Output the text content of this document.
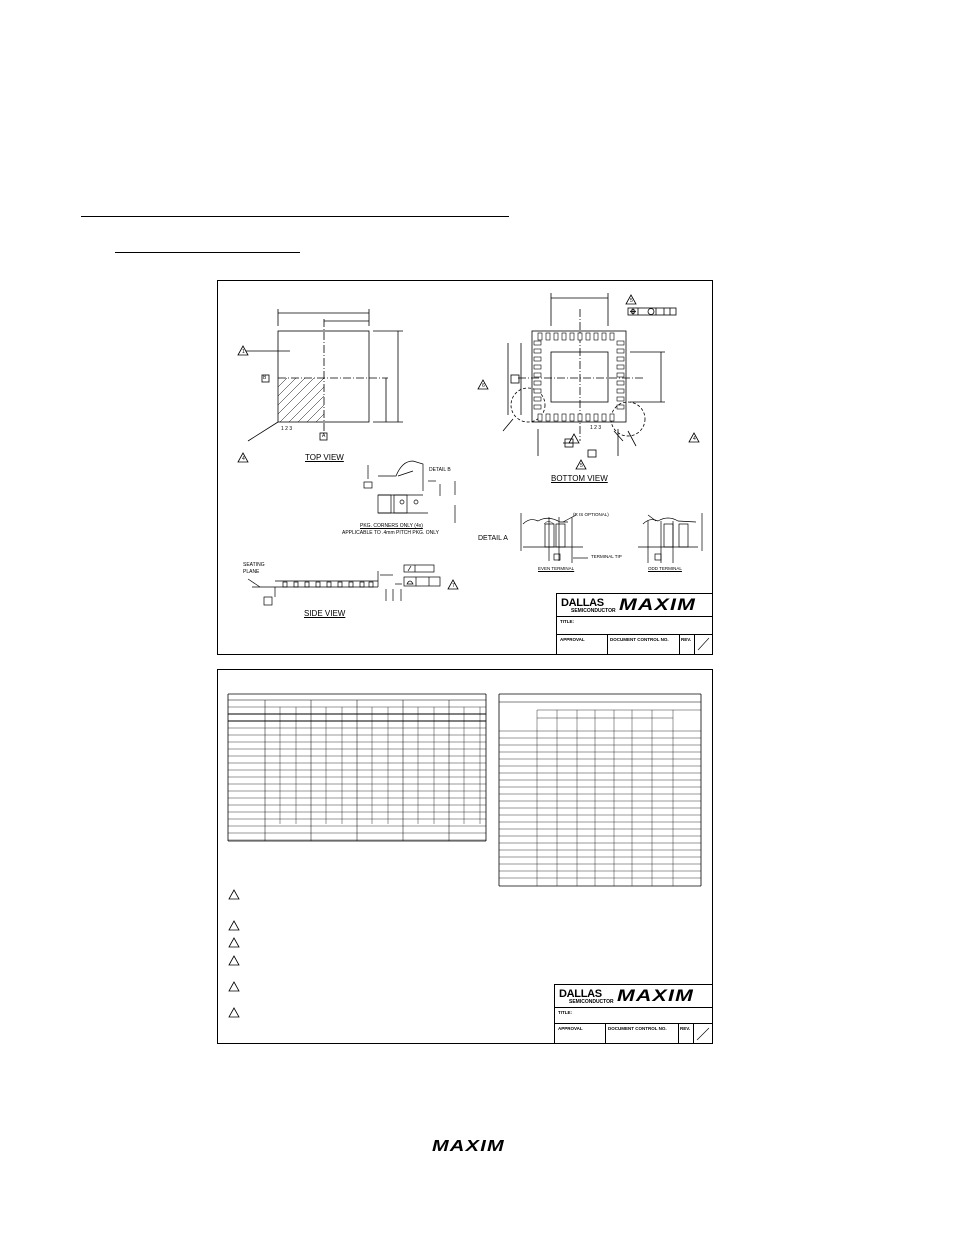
B
A
1
4
6
5
5
4
7
1 2 3
TOP VIEW
1 2 3
BOTTOM VIEW
DETAIL B
PKG. CORNERS ONLY (4x)
APPLICABLE TO .4mm PITCH PKG. ONLY
DETAIL A
(R IS OPTIONAL)
TERMINAL TIP
EVEN TERMINAL	ODD TERMINAL
SEATING
PLANE
SIDE VIEW
DALLAS
SEMICONDUCTOR MAXIM
TITLE:
APPROVAL	DOCUMENT CONTROL NO.	REV.
DALLAS
SEMICONDUCTOR MAXIM
TITLE:
APPROVAL	DOCUMENT CONTROL NO.	REV.
MAXIM
